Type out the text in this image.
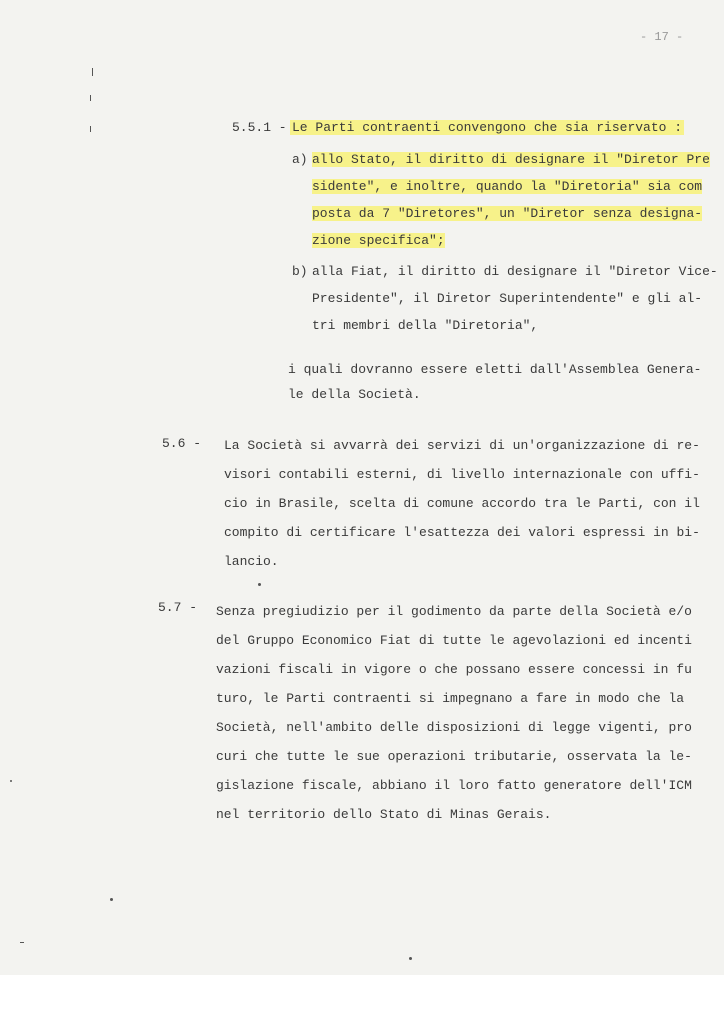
- 17 -
5.5.1 - Le Parti contraenti convengono che sia riservato :
a) allo Stato, il diritto di designare il "Diretor Pre
sidente", e inoltre, quando la "Diretoria" sia com
posta da 7 "Diretores", un "Diretor senza designa-
zione specifica";
b) alla Fiat, il diritto di designare il "Diretor Vice-
Presidente", il Diretor Superintendente" e gli al-
tri membri della "Diretoria",
i quali dovranno essere eletti dall'Assemblea Genera-
le della Società.
5.6 - La Società si avvarrà dei servizi di un'organizzazione di re-
visori contabili esterni, di livello internazionale con uffi-
cio in Brasile, scelta di comune accordo tra le Parti, con il
compito di certificare l'esattezza dei valori espressi in bi-
lancio.
5.7 - Senza pregiudizio per il godimento da parte della Società e/o
del Gruppo Economico Fiat di tutte le agevolazioni ed incenti
vazioni fiscali in vigore o che possano essere concessi in fu
turo, le Parti contraenti si impegnano a fare in modo che la
Società, nell'ambito delle disposizioni di legge vigenti, pro
curi che tutte le sue operazioni tributarie, osservata la le-
gislazione fiscale, abbiano il loro fatto generatore dell'ICM
nel territorio dello Stato di Minas Gerais.
